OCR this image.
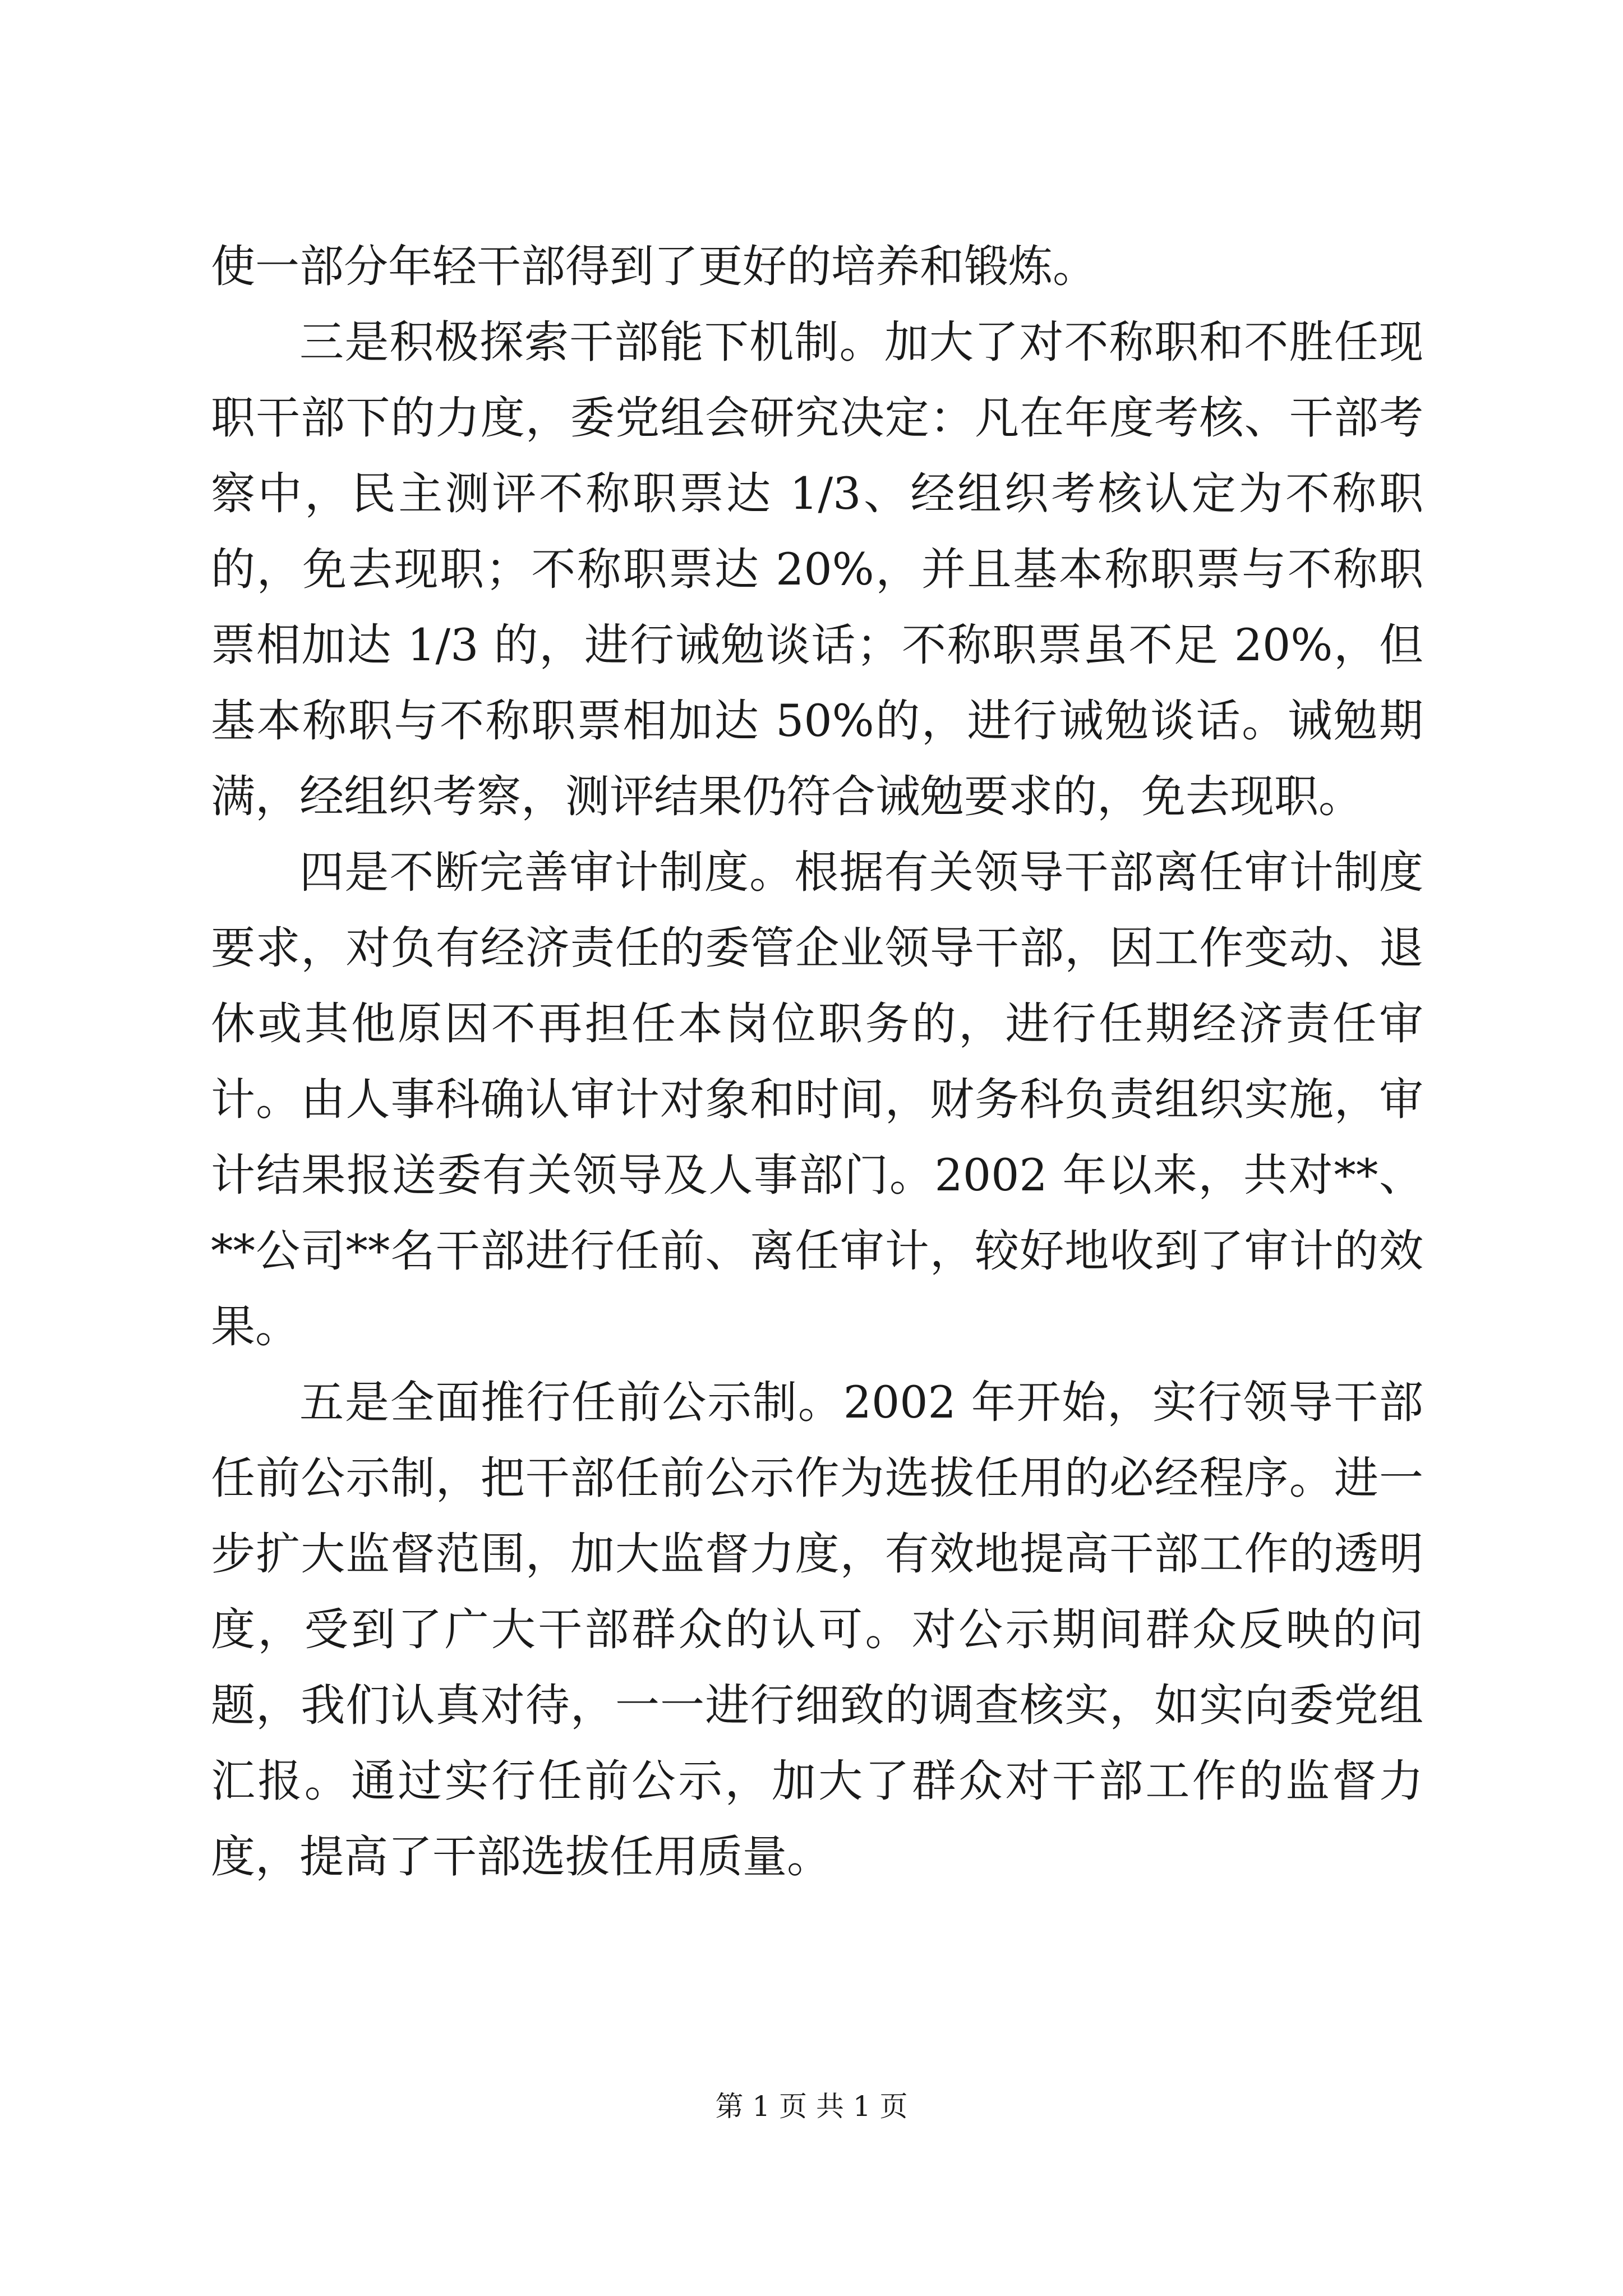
使一部分年轻干部得到了更好的培养和锻炼。

三是积极探索干部能下机制。加大了对不称职和不胜任现职干部下的力度，委党组会研究决定：凡在年度考核、干部考察中，民主测评不称职票达 1/3、经组织考核认定为不称职的，免去现职；不称职票达 20%，并且基本称职票与不称职票相加达 1/3 的，进行诫勉谈话；不称职票虽不足 20%，但基本称职与不称职票相加达 50%的，进行诫勉谈话。诫勉期满，经组织考察，测评结果仍符合诫勉要求的，免去现职。

四是不断完善审计制度。根据有关领导干部离任审计制度要求，对负有经济责任的委管企业领导干部，因工作变动、退休或其他原因不再担任本岗位职务的，进行任期经济责任审计。由人事科确认审计对象和时间，财务科负责组织实施，审计结果报送委有关领导及人事部门。2002 年以来，共对**、**公司**名干部进行任前、离任审计，较好地收到了审计的效果。

五是全面推行任前公示制。2002 年开始，实行领导干部任前公示制，把干部任前公示作为选拔任用的必经程序。进一步扩大监督范围，加大监督力度，有效地提高干部工作的透明度，受到了广大干部群众的认可。对公示期间群众反映的问题，我们认真对待，一一进行细致的调查核实，如实向委党组汇报。通过实行任前公示，加大了群众对干部工作的监督力度，提高了干部选拔任用质量。

第 1 页 共 1 页
